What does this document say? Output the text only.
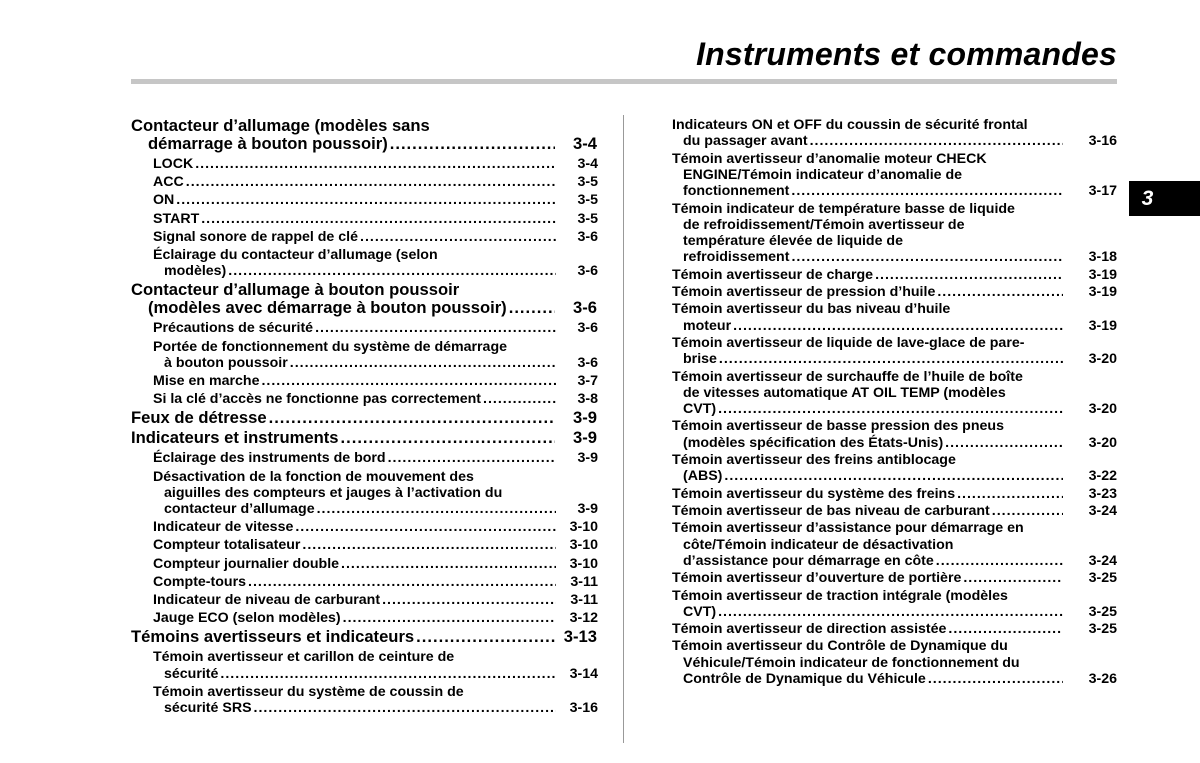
Instruments et commandes
3
Contacteur d’allumage (modèles sans
démarrage à bouton poussoir) .....	3-4
LOCK .....	3-4
ACC .....	3-5
ON .....	3-5
START .....	3-5
Signal sonore de rappel de clé .....	3-6
Éclairage du contacteur d’allumage (selon
modèles) .....	3-6
Contacteur d’allumage à bouton poussoir
(modèles avec démarrage à bouton poussoir) .....	3-6
Précautions de sécurité .....	3-6
Portée de fonctionnement du système de démarrage
à bouton poussoir .....	3-6
Mise en marche .....	3-7
Si la clé d’accès ne fonctionne pas correctement .....	3-8
Feux de détresse .....	3-9
Indicateurs et instruments .....	3-9
Éclairage des instruments de bord .....	3-9
Désactivation de la fonction de mouvement des
aiguilles des compteurs et jauges à l’activation du
contacteur d’allumage .....	3-9
Indicateur de vitesse .....	3-10
Compteur totalisateur .....	3-10
Compteur journalier double .....	3-10
Compte-tours .....	3-11
Indicateur de niveau de carburant .....	3-11
Jauge ECO (selon modèles) .....	3-12
Témoins avertisseurs et indicateurs .....	3-13
Témoin avertisseur et carillon de ceinture de
sécurité .....	3-14
Témoin avertisseur du système de coussin de
sécurité SRS .....	3-16
Indicateurs ON et OFF du coussin de sécurité frontal
du passager avant .....	3-16
Témoin avertisseur d’anomalie moteur CHECK
ENGINE/Témoin indicateur d’anomalie de
fonctionnement .....	3-17
Témoin indicateur de température basse de liquide
de refroidissement/Témoin avertisseur de
température élevée de liquide de
refroidissement .....	3-18
Témoin avertisseur de charge .....	3-19
Témoin avertisseur de pression d’huile .....	3-19
Témoin avertisseur du bas niveau d’huile
moteur .....	3-19
Témoin avertisseur de liquide de lave-glace de pare-
brise .....	3-20
Témoin avertisseur de surchauffe de l’huile de boîte
de vitesses automatique AT OIL TEMP (modèles
CVT) .....	3-20
Témoin avertisseur de basse pression des pneus
(modèles spécification des États-Unis) .....	3-20
Témoin avertisseur des freins antiblocage
(ABS) .....	3-22
Témoin avertisseur du système des freins .....	3-23
Témoin avertisseur de bas niveau de carburant .....	3-24
Témoin avertisseur d’assistance pour démarrage en
côte/Témoin indicateur de désactivation
d’assistance pour démarrage en côte .....	3-24
Témoin avertisseur d’ouverture de portière .....	3-25
Témoin avertisseur de traction intégrale (modèles
CVT) .....	3-25
Témoin avertisseur de direction assistée .....	3-25
Témoin avertisseur du Contrôle de Dynamique du
Véhicule/Témoin indicateur de fonctionnement du
Contrôle de Dynamique du Véhicule .....	3-26
